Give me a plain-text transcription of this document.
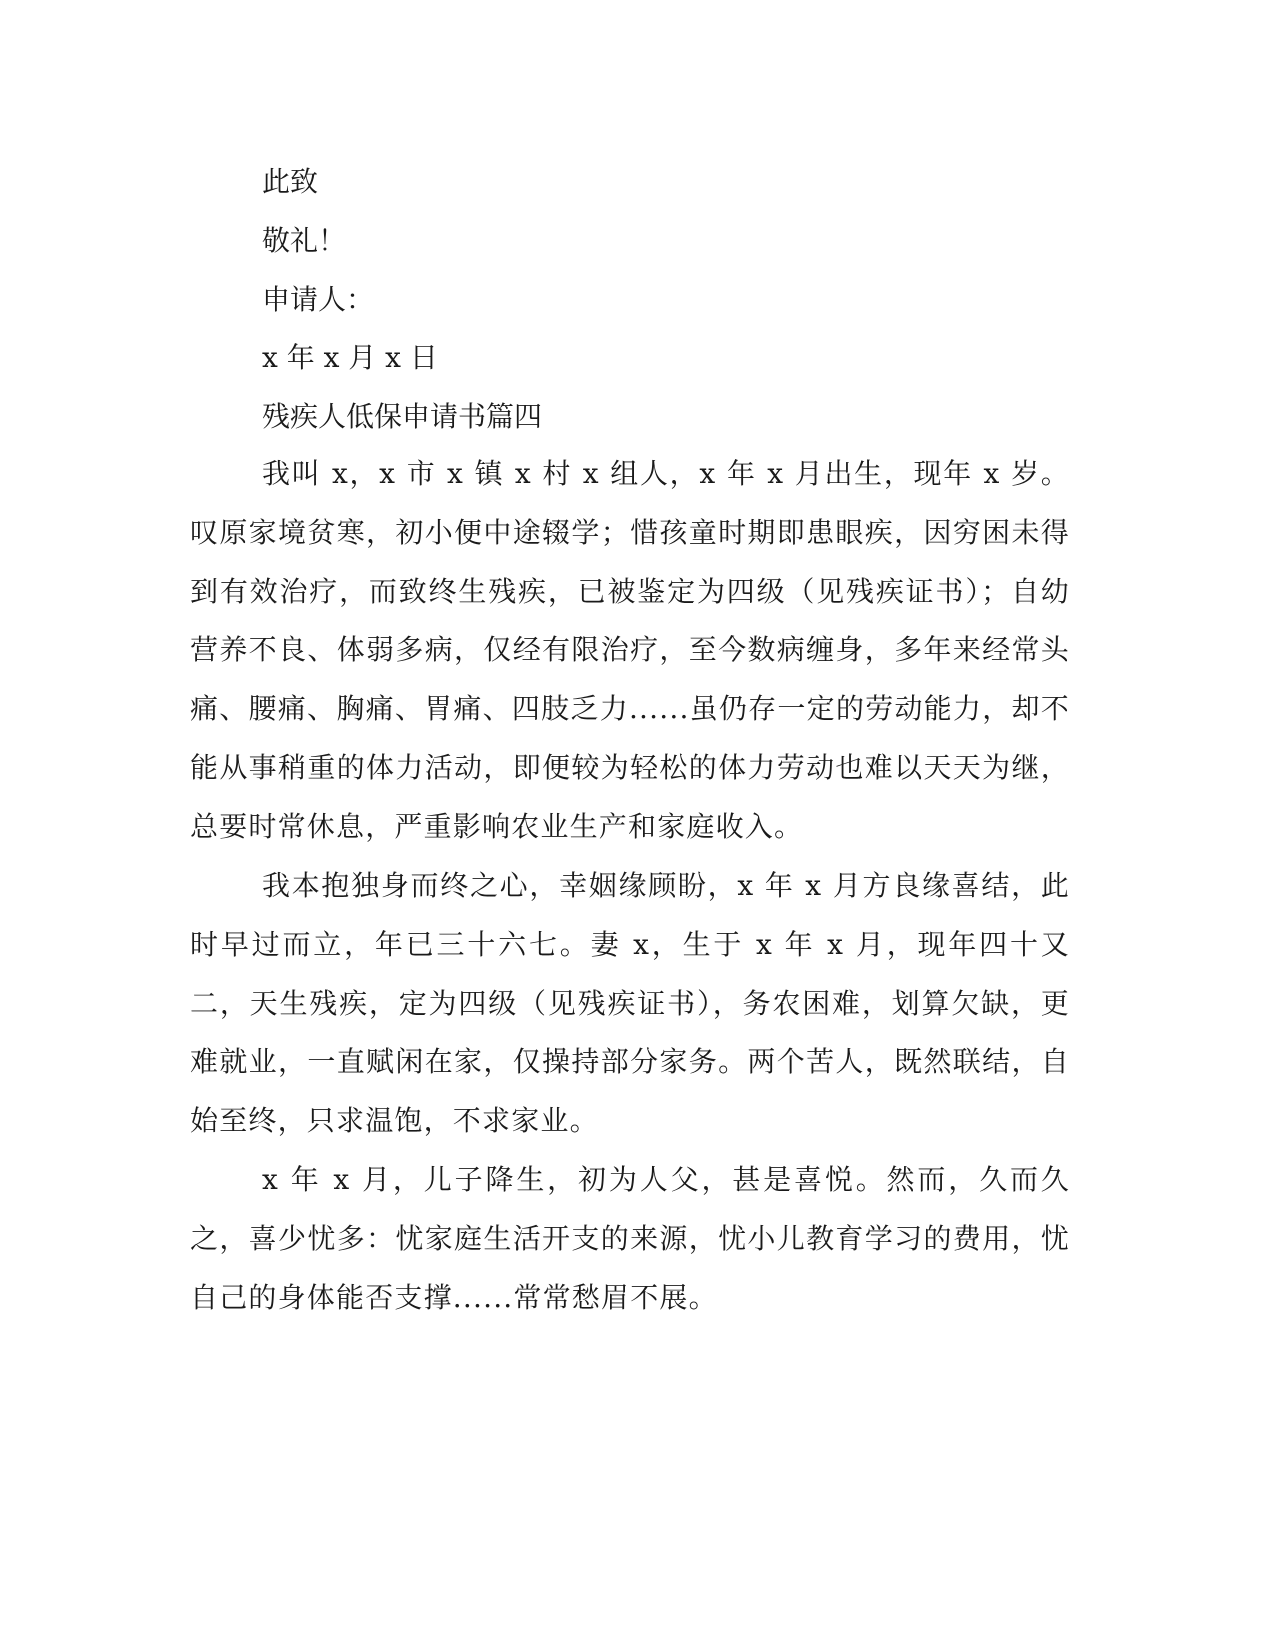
此致
敬礼！
申请人：
x 年 x 月 x 日
残疾人低保申请书篇四
我叫 x，x 市 x 镇 x 村 x 组人，x 年 x 月出生，现年 x 岁。叹原家境贫寒，初小便中途辍学；惜孩童时期即患眼疾，因穷困未得到有效治疗，而致终生残疾，已被鉴定为四级（见残疾证书）；自幼营养不良、体弱多病，仅经有限治疗，至今数病缠身，多年来经常头痛、腰痛、胸痛、胃痛、四肢乏力......虽仍存一定的劳动能力，却不能从事稍重的体力活动，即便较为轻松的体力劳动也难以天天为继，总要时常休息，严重影响农业生产和家庭收入。
我本抱独身而终之心，幸姻缘顾盼，x 年 x 月方良缘喜结，此时早过而立，年已三十六七。妻 x，生于 x 年 x 月，现年四十又二，天生残疾，定为四级（见残疾证书），务农困难，划算欠缺，更难就业，一直赋闲在家，仅操持部分家务。两个苦人，既然联结，自始至终，只求温饱，不求家业。
x 年 x 月，儿子降生，初为人父，甚是喜悦。然而，久而久之，喜少忧多：忧家庭生活开支的来源，忧小儿教育学习的费用，忧自己的身体能否支撑......常常愁眉不展。
